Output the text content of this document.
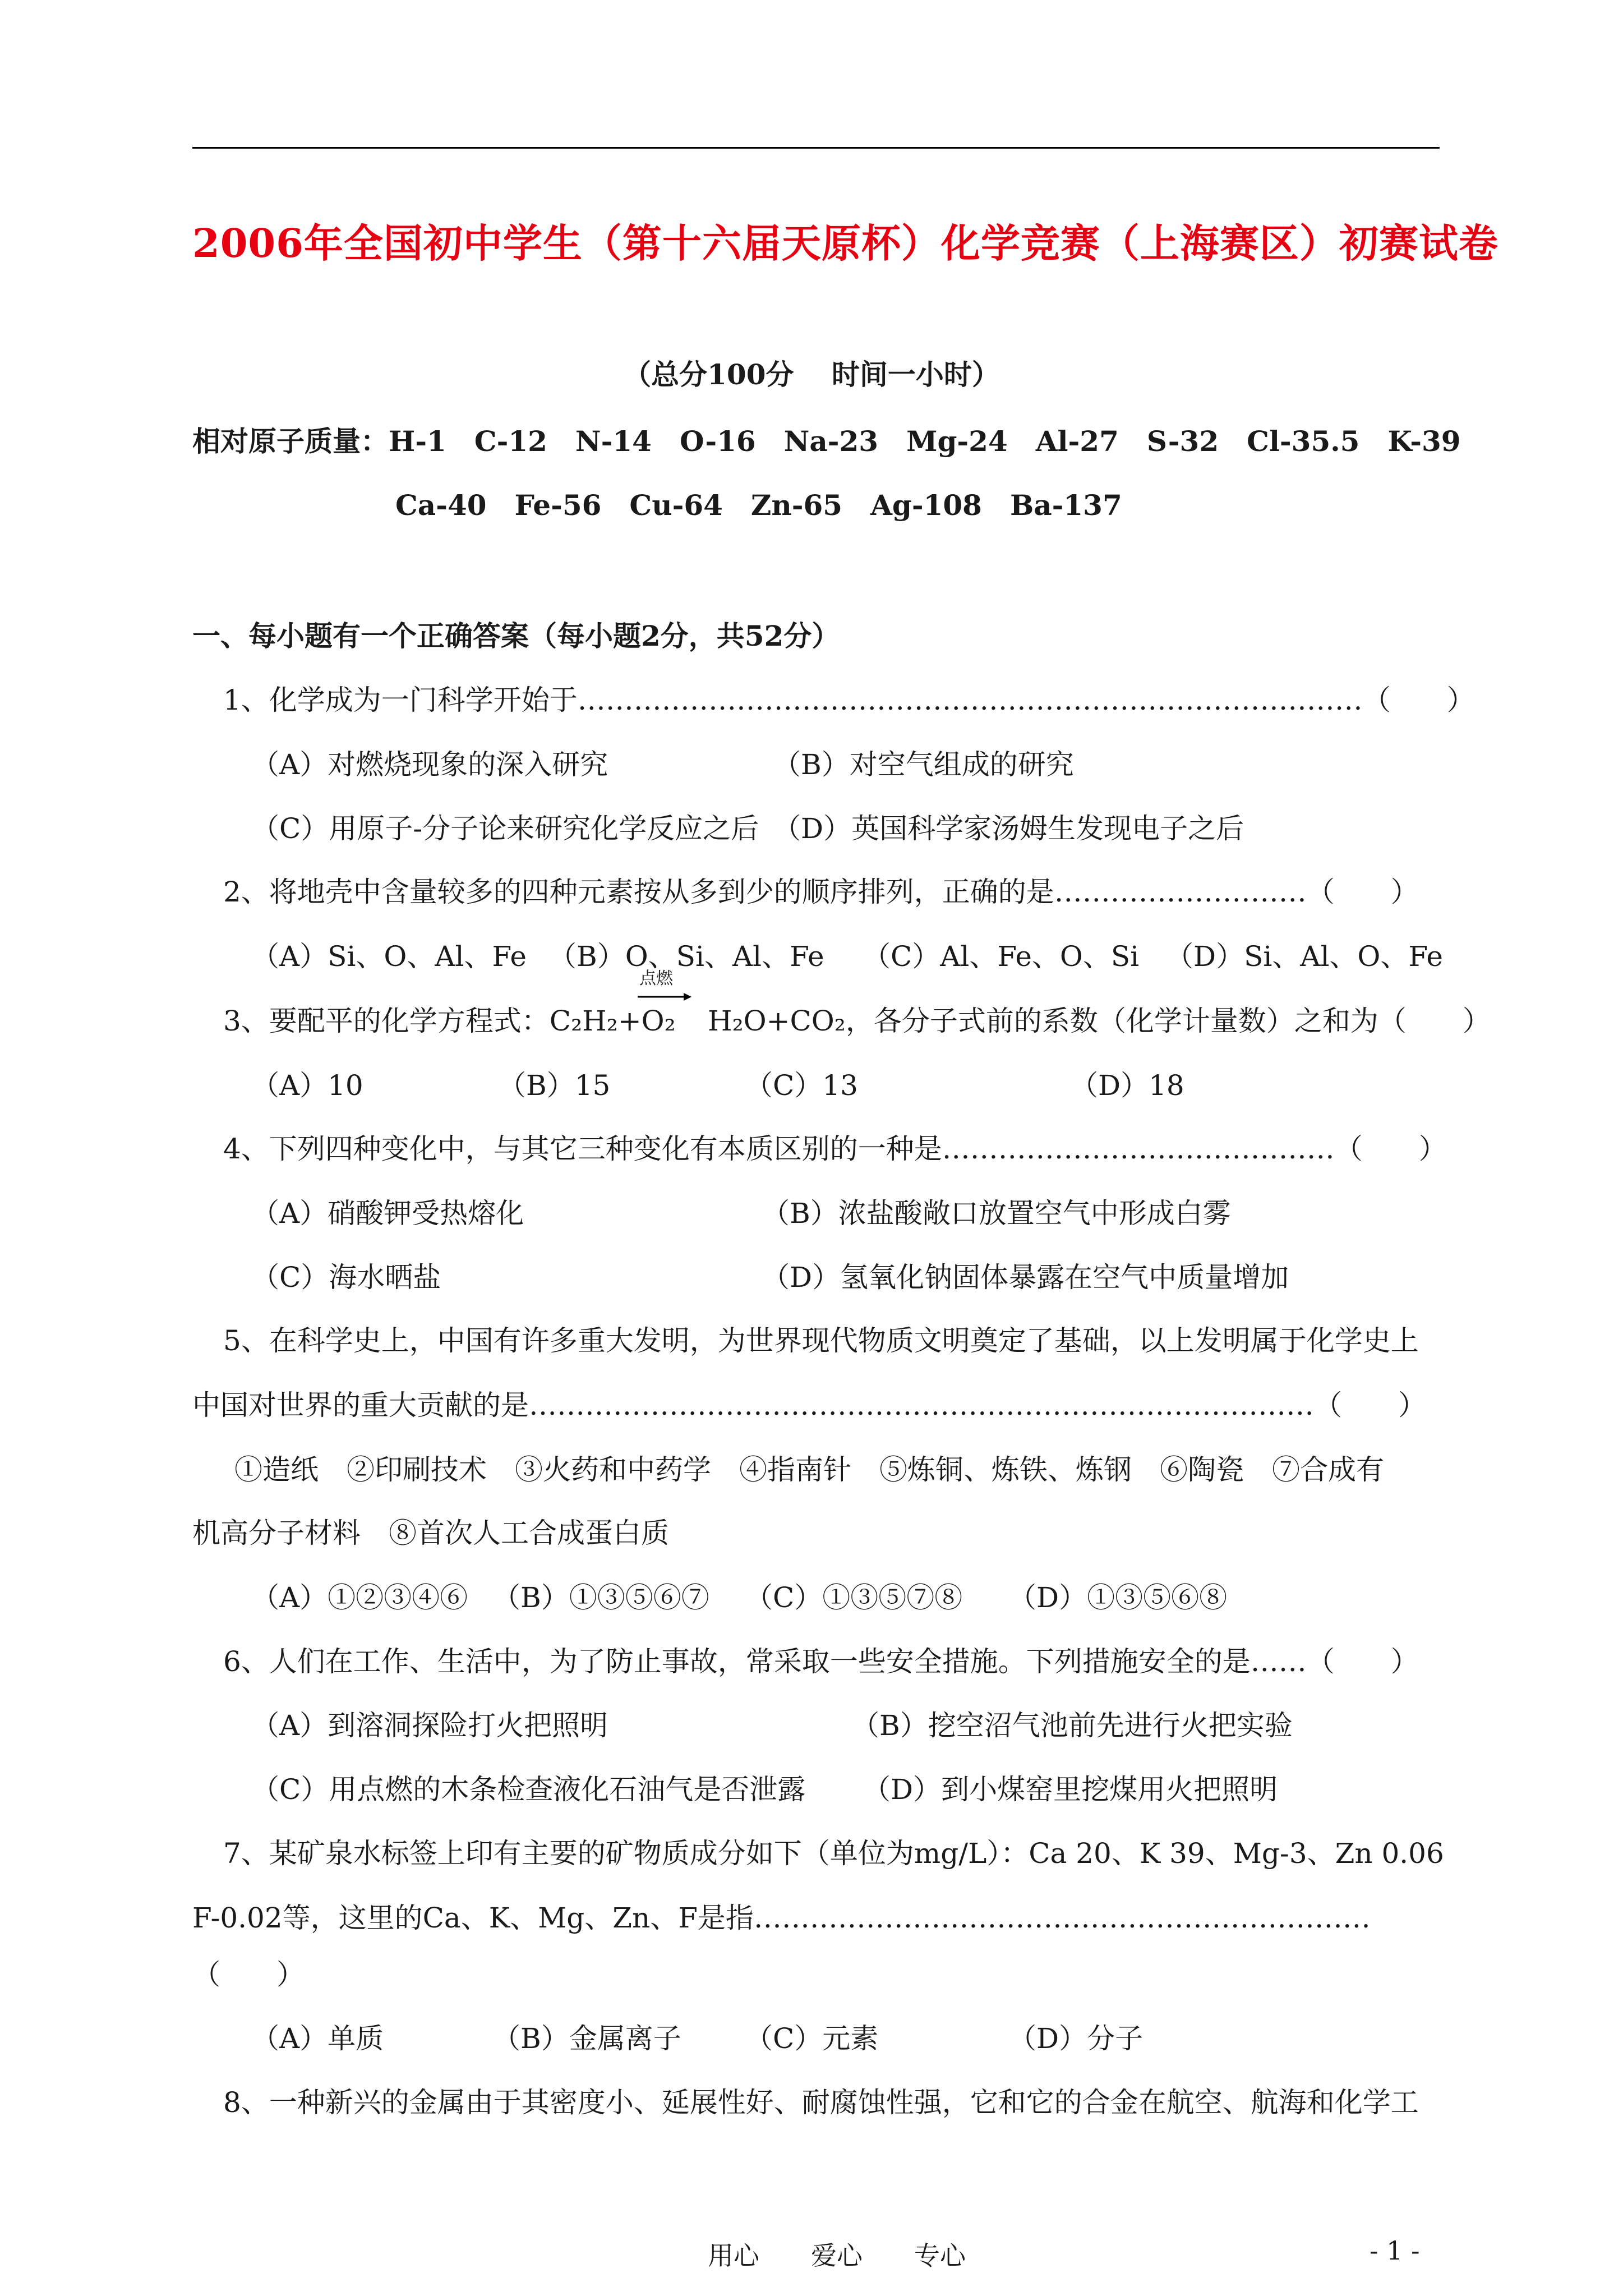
2006年全国初中学生（第十六届天原杯）化学竞赛（上海赛区）初赛试卷
（总分100分　 时间一小时）
相对原子质量：H-1　C-12　N-14　O-16　Na-23　Mg-24　Al-27　S-32　Cl-35.5　K-39
Ca-40　Fe-56　Cu-64　Zn-65　Ag-108　Ba-137
一、每小题有一个正确答案（每小题2分，共52分）
1、化学成为一门科学开始于…………………………………………………………………………（　　）
（A）对燃烧现象的深入研究	（B）对空气组成的研究
（C）用原子-分子论来研究化学反应之后 （D）英国科学家汤姆生发现电子之后
2、将地壳中含量较多的四种元素按从多到少的顺序排列，正确的是………………………（　　）
（A）Si、O、Al、Fe （B）O、Si、Al、Fe （C）Al、Fe、O、Si （D）Si、Al、O、Fe
3、要配平的化学方程式：C₂H₂+O₂
点燃
H₂O+CO₂，各分子式前的系数（化学计量数）之和为（　　）
（A）10	（B）15	（C）13	（D）18
4、下列四种变化中，与其它三种变化有本质区别的一种是……………………………………（　　）
（A）硝酸钾受热熔化	（B）浓盐酸敞口放置空气中形成白雾
（C）海水晒盐	（D）氢氧化钠固体暴露在空气中质量增加
5、在科学史上，中国有许多重大发明，为世界现代物质文明奠定了基础，以上发明属于化学史上
中国对世界的重大贡献的是…………………………………………………………………………（　　）
①造纸　②印刷技术　③火药和中药学　④指南针　⑤炼铜、炼铁、炼钢　⑥陶瓷　⑦合成有
机高分子材料　⑧首次人工合成蛋白质
（A）①②③④⑥ （B）①③⑤⑥⑦ （C）①③⑤⑦⑧ （D）①③⑤⑥⑧
6、人们在工作、生活中，为了防止事故，常采取一些安全措施。下列措施安全的是……（　　）
（A）到溶洞探险打火把照明	（B）挖空沼气池前先进行火把实验
（C）用点燃的木条检查液化石油气是否泄露 （D）到小煤窑里挖煤用火把照明
7、某矿泉水标签上印有主要的矿物质成分如下（单位为mg/L）：Ca 20、K 39、Mg-3、Zn 0.06
F-0.02等，这里的Ca、K、Mg、Zn、F是指…………………………………………………………
（　　）
（A）单质	（B）金属离子 （C）元素	（D）分子
8、一种新兴的金属由于其密度小、延展性好、耐腐蚀性强，它和它的合金在航空、航海和化学工
用心　　爱心　　专心	- 1 -
